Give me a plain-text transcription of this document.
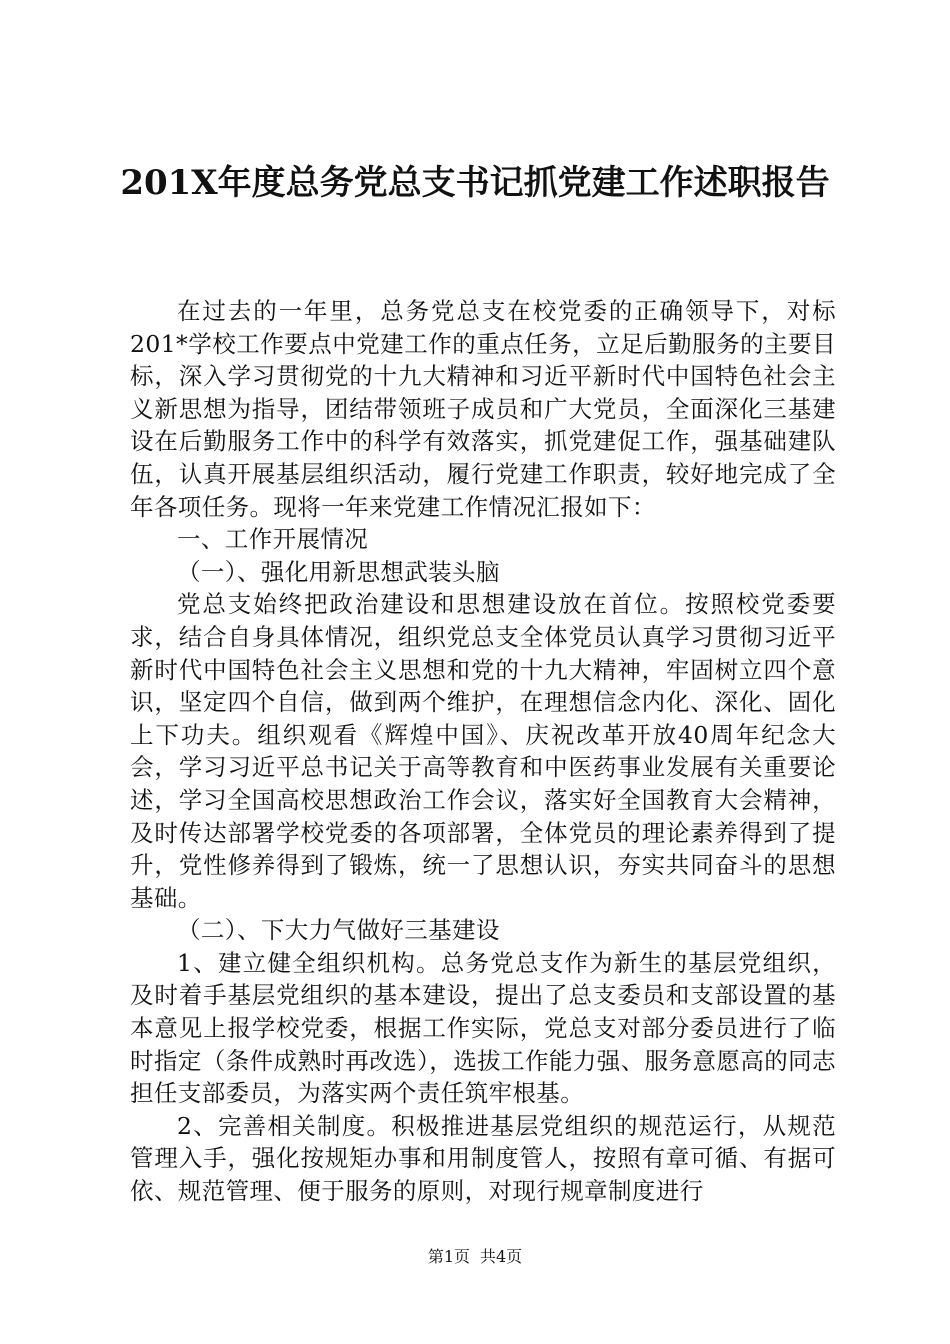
201X年度总务党总支书记抓党建工作述职报告

在过去的一年里，总务党总支在校党委的正确领导下，对标201*学校工作要点中党建工作的重点任务，立足后勤服务的主要目标，深入学习贯彻党的十九大精神和习近平新时代中国特色社会主义新思想为指导，团结带领班子成员和广大党员，全面深化三基建设在后勤服务工作中的科学有效落实，抓党建促工作，强基础建队伍，认真开展基层组织活动，履行党建工作职责，较好地完成了全年各项任务。现将一年来党建工作情况汇报如下：

一、工作开展情况

（一）、强化用新思想武装头脑

党总支始终把政治建设和思想建设放在首位。按照校党委要求，结合自身具体情况，组织党总支全体党员认真学习贯彻习近平新时代中国特色社会主义思想和党的十九大精神，牢固树立四个意识，坚定四个自信，做到两个维护，在理想信念内化、深化、固化上下功夫。组织观看《辉煌中国》、庆祝改革开放40周年纪念大会，学习习近平总书记关于高等教育和中医药事业发展有关重要论述，学习全国高校思想政治工作会议，落实好全国教育大会精神，及时传达部署学校党委的各项部署，全体党员的理论素养得到了提升，党性修养得到了锻炼，统一了思想认识，夯实共同奋斗的思想基础。

（二）、下大力气做好三基建设

1、建立健全组织机构。总务党总支作为新生的基层党组织，及时着手基层党组织的基本建设，提出了总支委员和支部设置的基本意见上报学校党委，根据工作实际，党总支对部分委员进行了临时指定（条件成熟时再改选），选拔工作能力强、服务意愿高的同志担任支部委员，为落实两个责任筑牢根基。

2、完善相关制度。积极推进基层党组织的规范运行，从规范管理入手，强化按规矩办事和用制度管人，按照有章可循、有据可依、规范管理、便于服务的原则，对现行规章制度进行

第1页 共4页
